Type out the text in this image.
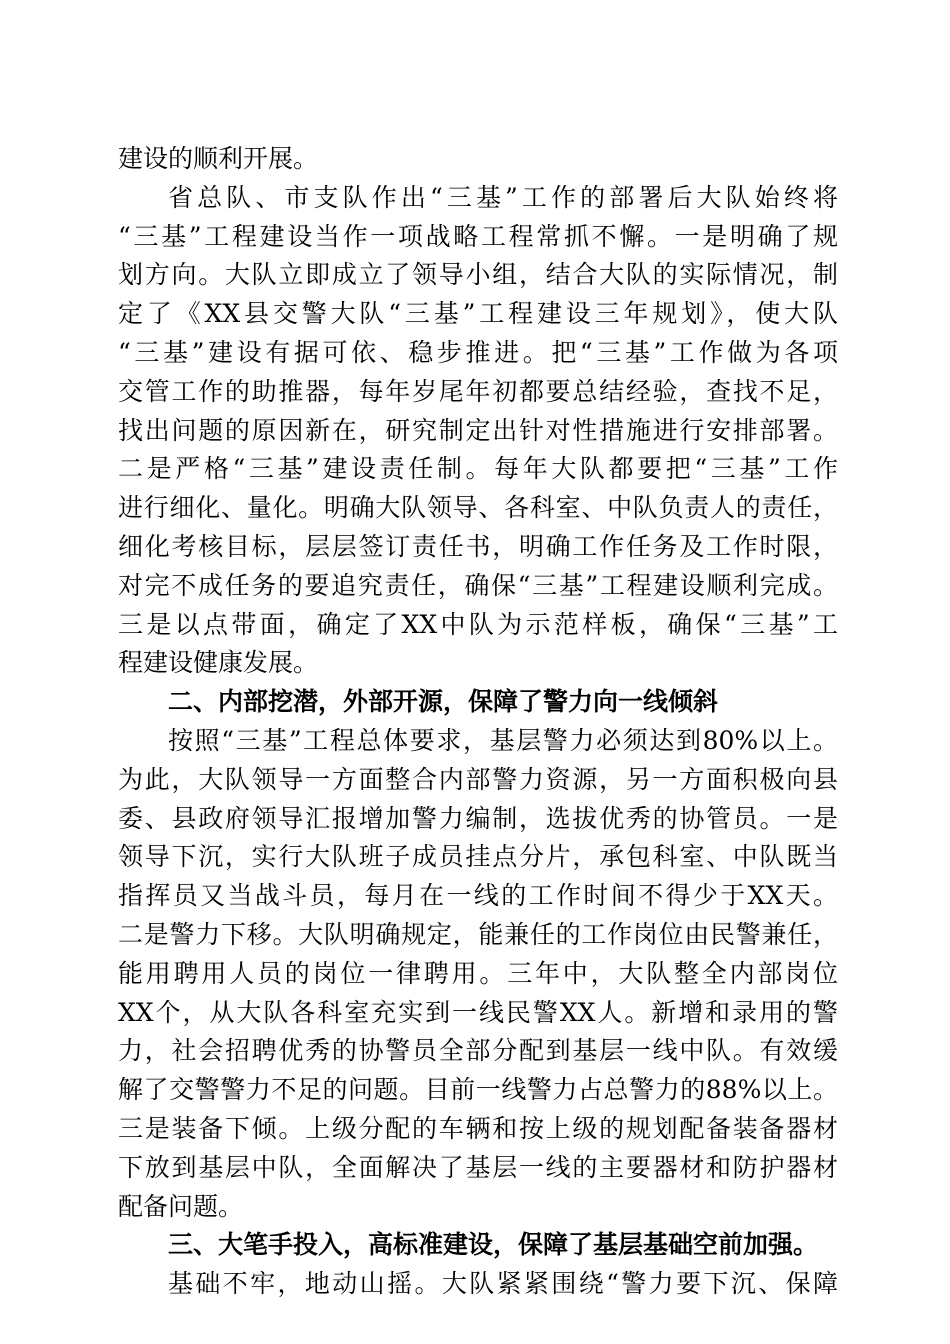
建设的顺利开展。
省总队、市支队作出“三基”工作的部署后大队始终将
“三基”工程建设当作一项战略工程常抓不懈。一是明确了规
划方向。大队立即成立了领导小组，结合大队的实际情况，制
定了《XX县交警大队“三基”工程建设三年规划》，使大队
“三基”建设有据可依、稳步推进。把“三基”工作做为各项
交管工作的助推器，每年岁尾年初都要总结经验，查找不足，
找出问题的原因新在，研究制定出针对性措施进行安排部署。
二是严格“三基”建设责任制。每年大队都要把“三基”工作
进行细化、量化。明确大队领导、各科室、中队负责人的责任，
细化考核目标，层层签订责任书，明确工作任务及工作时限，
对完不成任务的要追究责任，确保“三基”工程建设顺利完成。
三是以点带面，确定了XX中队为示范样板，确保“三基”工
程建设健康发展。
二、内部挖潜，外部开源，保障了警力向一线倾斜
按照“三基”工程总体要求，基层警力必须达到80%以上。
为此，大队领导一方面整合内部警力资源，另一方面积极向县
委、县政府领导汇报增加警力编制，选拔优秀的协管员。一是
领导下沉，实行大队班子成员挂点分片，承包科室、中队既当
指挥员又当战斗员，每月在一线的工作时间不得少于XX天。
二是警力下移。大队明确规定，能兼任的工作岗位由民警兼任，
能用聘用人员的岗位一律聘用。三年中，大队整全内部岗位
XX个，从大队各科室充实到一线民警XX人。新增和录用的警
力，社会招聘优秀的协警员全部分配到基层一线中队。有效缓
解了交警警力不足的问题。目前一线警力占总警力的88%以上。
三是装备下倾。上级分配的车辆和按上级的规划配备装备器材
下放到基层中队，全面解决了基层一线的主要器材和防护器材
配备问题。
三、大笔手投入，高标准建设，保障了基层基础空前加强。
基础不牢，地动山摇。大队紧紧围绕“警力要下沉、保障
